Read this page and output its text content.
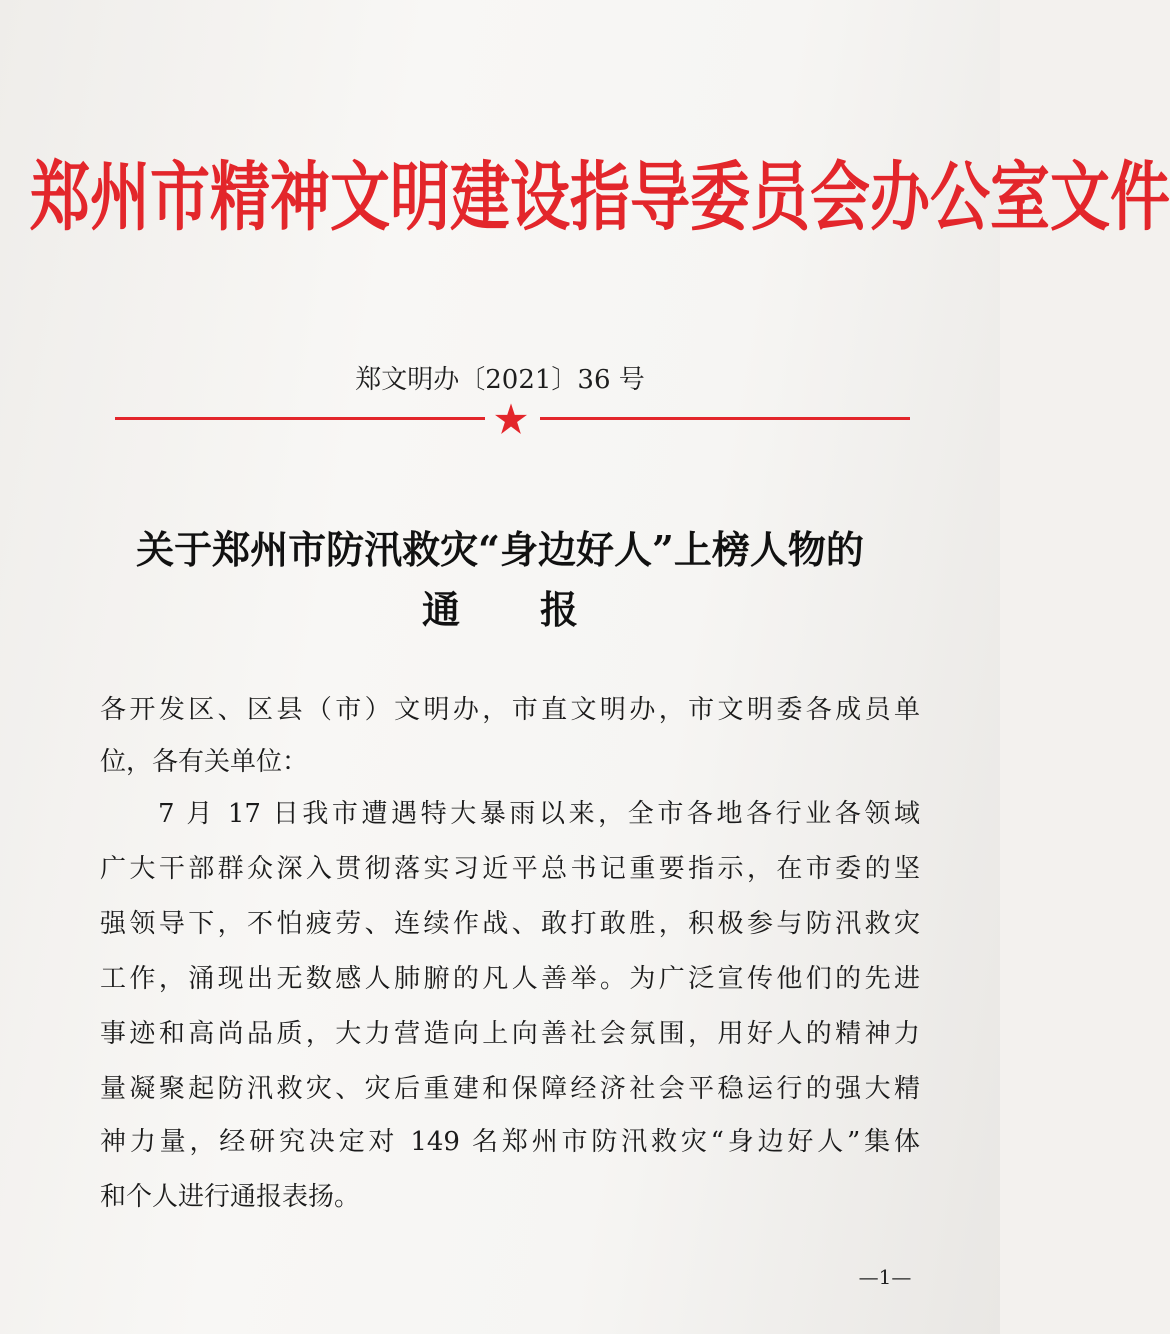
郑州市精神文明建设指导委员会办公室文件
郑文明办〔2021〕36 号
关于郑州市防汛救灾“身边好人”上榜人物的
通 报
各开发区、区县（市）文明办，市直文明办，市文明委各成员单
位，各有关单位：
7 月 17 日我市遭遇特大暴雨以来，全市各地各行业各领域
广大干部群众深入贯彻落实习近平总书记重要指示，在市委的坚
强领导下，不怕疲劳、连续作战、敢打敢胜，积极参与防汛救灾
工作，涌现出无数感人肺腑的凡人善举。为广泛宣传他们的先进
事迹和高尚品质，大力营造向上向善社会氛围，用好人的精神力
量凝聚起防汛救灾、灾后重建和保障经济社会平稳运行的强大精
神力量，经研究决定对 149 名郑州市防汛救灾“身边好人”集体
和个人进行通报表扬。
—1—
